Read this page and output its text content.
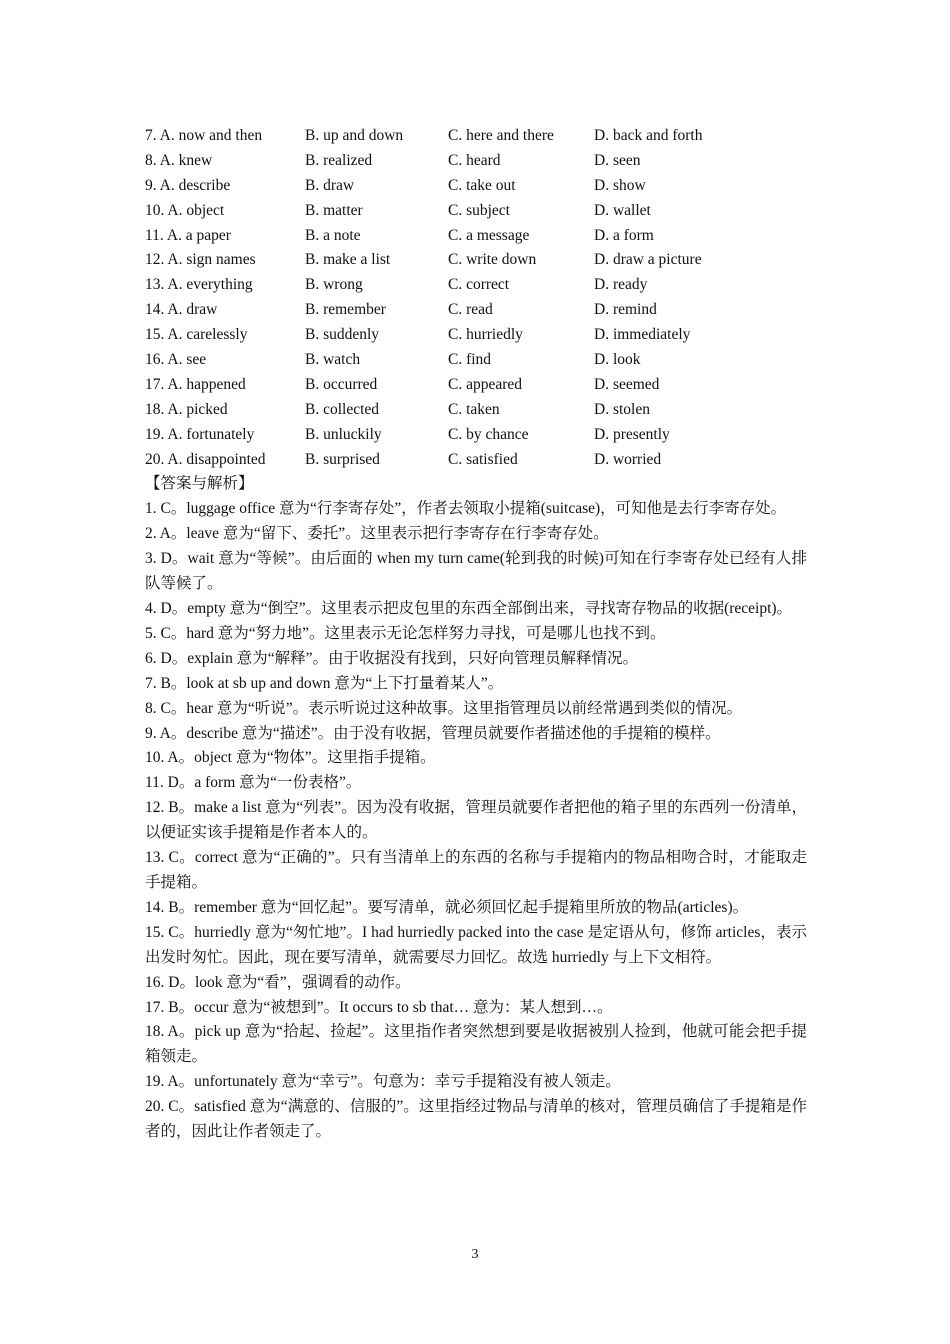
7. A. now and then	B. up and down	C. here and there	D. back and forth
8. A. knew	B. realized	C. heard	D. seen
9. A. describe	B. draw	C. take out	D. show
10. A. object	B. matter	C. subject	D. wallet
11. A. a paper	B. a note	C. a message	D. a form
12. A. sign names	B. make a list	C. write down	D. draw a picture
13. A. everything	B. wrong	C. correct	D. ready
14. A. draw	B. remember	C. read	D. remind
15. A. carelessly	B. suddenly	C. hurriedly	D. immediately
16. A. see	B. watch	C. find	D. look
17. A. happened	B. occurred	C. appeared	D. seemed
18. A. picked	B. collected	C. taken	D. stolen
19. A. fortunately	B. unluckily	C. by chance	D. presently
20. A. disappointed	B. surprised	C. satisfied	D. worried

【答案与解析】

1. C。luggage office 意为“行李寄存处”，作者去领取小提箱(suitcase)，可知他是去行李寄存处。

2. A。leave 意为“留下、委托”。这里表示把行李寄存在行李寄存处。

3. D。wait 意为“等候”。由后面的 when my turn came(轮到我的时候)可知在行李寄存处已经有人排队等候了。

4. D。empty 意为“倒空”。这里表示把皮包里的东西全部倒出来，寻找寄存物品的收据(receipt)。

5. C。hard 意为“努力地”。这里表示无论怎样努力寻找，可是哪儿也找不到。

6. D。explain 意为“解释”。由于收据没有找到，只好向管理员解释情况。

7. B。look at sb up and down 意为“上下打量着某人”。

8. C。hear 意为“听说”。表示听说过这种故事。这里指管理员以前经常遇到类似的情况。

9. A。describe 意为“描述”。由于没有收据，管理员就要作者描述他的手提箱的模样。

10. A。object 意为“物体”。这里指手提箱。

11. D。a form 意为“一份表格”。

12. B。make a list 意为“列表”。因为没有收据，管理员就要作者把他的箱子里的东西列一份清单，以便证实该手提箱是作者本人的。

13. C。correct 意为“正确的”。只有当清单上的东西的名称与手提箱内的物品相吻合时，才能取走手提箱。

14. B。remember 意为“回忆起”。要写清单，就必须回忆起手提箱里所放的物品(articles)。

15. C。hurriedly 意为“匆忙地”。I had hurriedly packed into the case 是定语从句，修饰 articles，表示出发时匆忙。因此，现在要写清单，就需要尽力回忆。故选 hurriedly 与上下文相符。

16. D。look 意为“看”，强调看的动作。

17. B。occur 意为“被想到”。It occurs to sb that… 意为：某人想到…。

18. A。pick up 意为“拾起、捡起”。这里指作者突然想到要是收据被别人捡到，他就可能会把手提箱领走。

19. A。unfortunately 意为“幸亏”。句意为：幸亏手提箱没有被人领走。

20. C。satisfied 意为“满意的、信服的”。这里指经过物品与清单的核对，管理员确信了手提箱是作者的，因此让作者领走了。

3
